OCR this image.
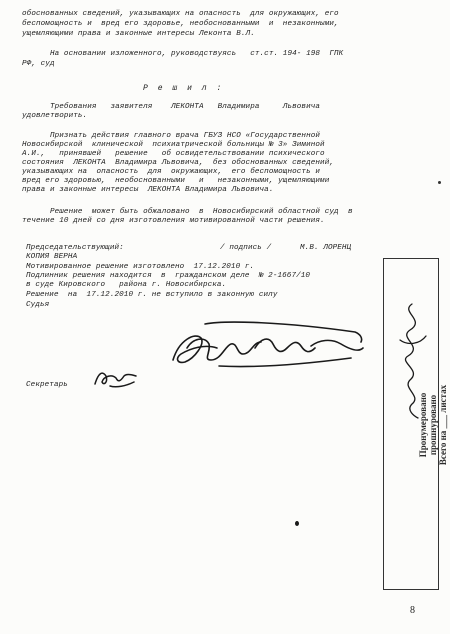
обоснованных сведений, указывающих на опасность  для окружающих, его
беспомощность и  вред его здоровье, необоснованными  и  незаконными,
ущемляющими права и законные интересы Леконта В.Л.
На основании изложенного, руководствуясь   ст.ст. 194- 198  ГПК
РФ, суд
Р  е  ш  и  л  :
Требования   заявителя    ЛЕКОНТА   Владимира     Львовича
удовлетворить.
Признать действия главного врача ГБУЗ НСО «Государственной
Новосибирской  клинической  психиатрической больницы № 3» Зиминой
А.И.,   принявшей   решение   об освидетельствовании психического
состояния  ЛЕКОНТА  Владимира Львовича,  без обоснованных сведений,
указывающих на  опасность  для  окружающих,  его беспомощность и
вред его здоровью,  необоснованными   и   незаконными, ущемляющими
права и законные интересы  ЛЕКОНТА Владимира Львовича.
Решение  может быть обжаловано  в  Новосибирский областной суд  в
течение 10 дней со дня изготовления мотивированной части решения.
Председательствующий:	/ подпись /	М.В. ЛОРЕНЦ
КОПИЯ ВЕРНА
Мотивированное решение изготовлено  17.12.2010 г.
Подлинник решения находится  в  гражданском деле  № 2-1667/10
в суде Кировского   района г. Новосибирска.
Решение  на  17.12.2010 г. не вступило в законную силу
Судья
Секретарь
Пронумеровано прошнуровано Всего на ___ листах
8
